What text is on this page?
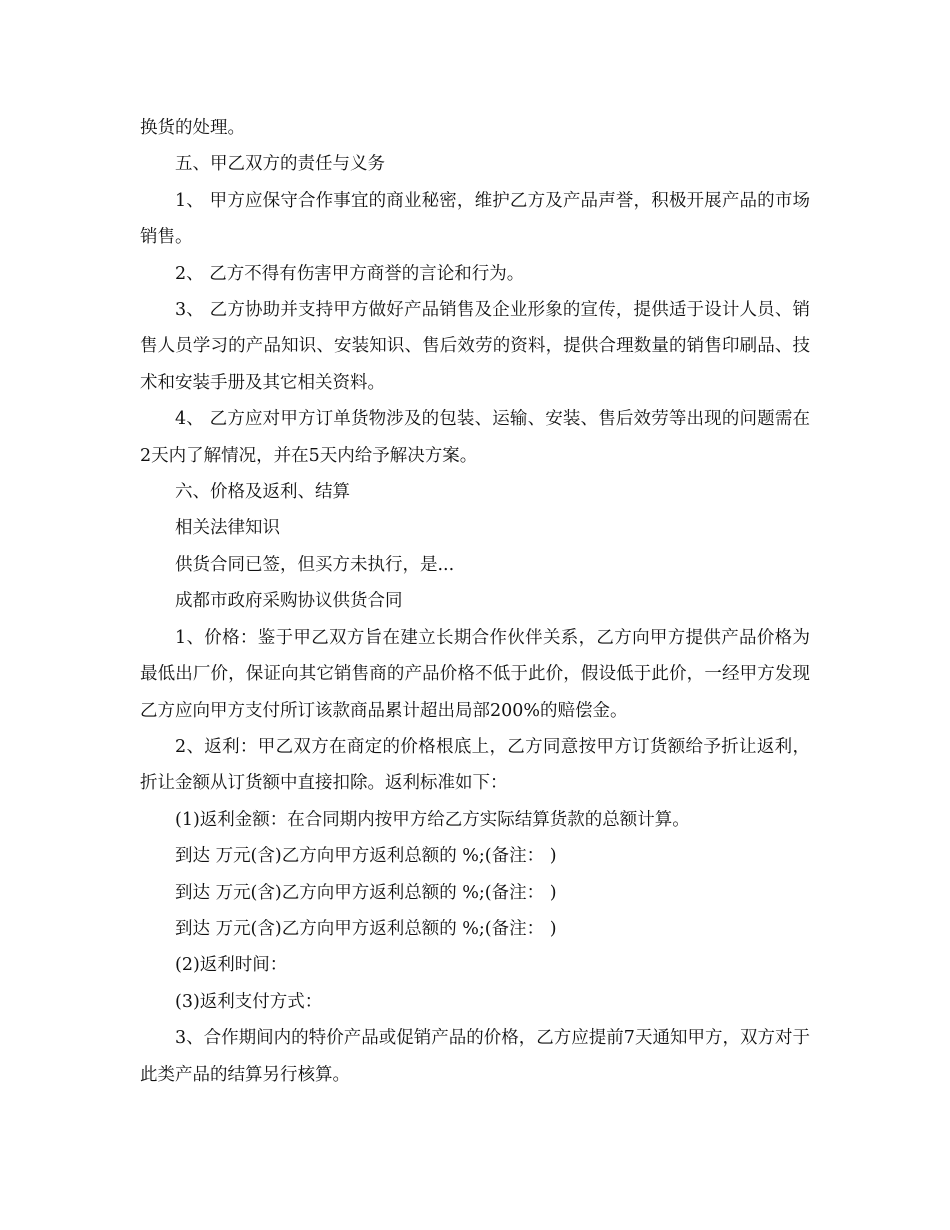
换货的处理。

五、甲乙双方的责任与义务

1、 甲方应保守合作事宜的商业秘密，维护乙方及产品声誉，积极开展产品的市场销售。

2、 乙方不得有伤害甲方商誉的言论和行为。

3、 乙方协助并支持甲方做好产品销售及企业形象的宣传，提供适于设计人员、销售人员学习的产品知识、安装知识、售后效劳的资料，提供合理数量的销售印刷品、技术和安装手册及其它相关资料。

4、 乙方应对甲方订单货物涉及的包装、运输、安装、售后效劳等出现的问题需在2天内了解情况，并在5天内给予解决方案。

六、价格及返利、结算

相关法律知识

供货合同已签，但买方未执行，是...

成都市政府采购协议供货合同

1、价格：鉴于甲乙双方旨在建立长期合作伙伴关系，乙方向甲方提供产品价格为最低出厂价，保证向其它销售商的产品价格不低于此价，假设低于此价，一经甲方发现乙方应向甲方支付所订该款商品累计超出局部200%的赔偿金。

2、返利：甲乙双方在商定的价格根底上，乙方同意按甲方订货额给予折让返利，折让金额从订货额中直接扣除。返利标准如下：

(1)返利金额：在合同期内按甲方给乙方实际结算货款的总额计算。

到达 万元(含)乙方向甲方返利总额的 %;(备注： )

到达 万元(含)乙方向甲方返利总额的 %;(备注： )

到达 万元(含)乙方向甲方返利总额的 %;(备注： )

(2)返利时间：

(3)返利支付方式：

3、合作期间内的特价产品或促销产品的价格，乙方应提前7天通知甲方，双方对于此类产品的结算另行核算。
